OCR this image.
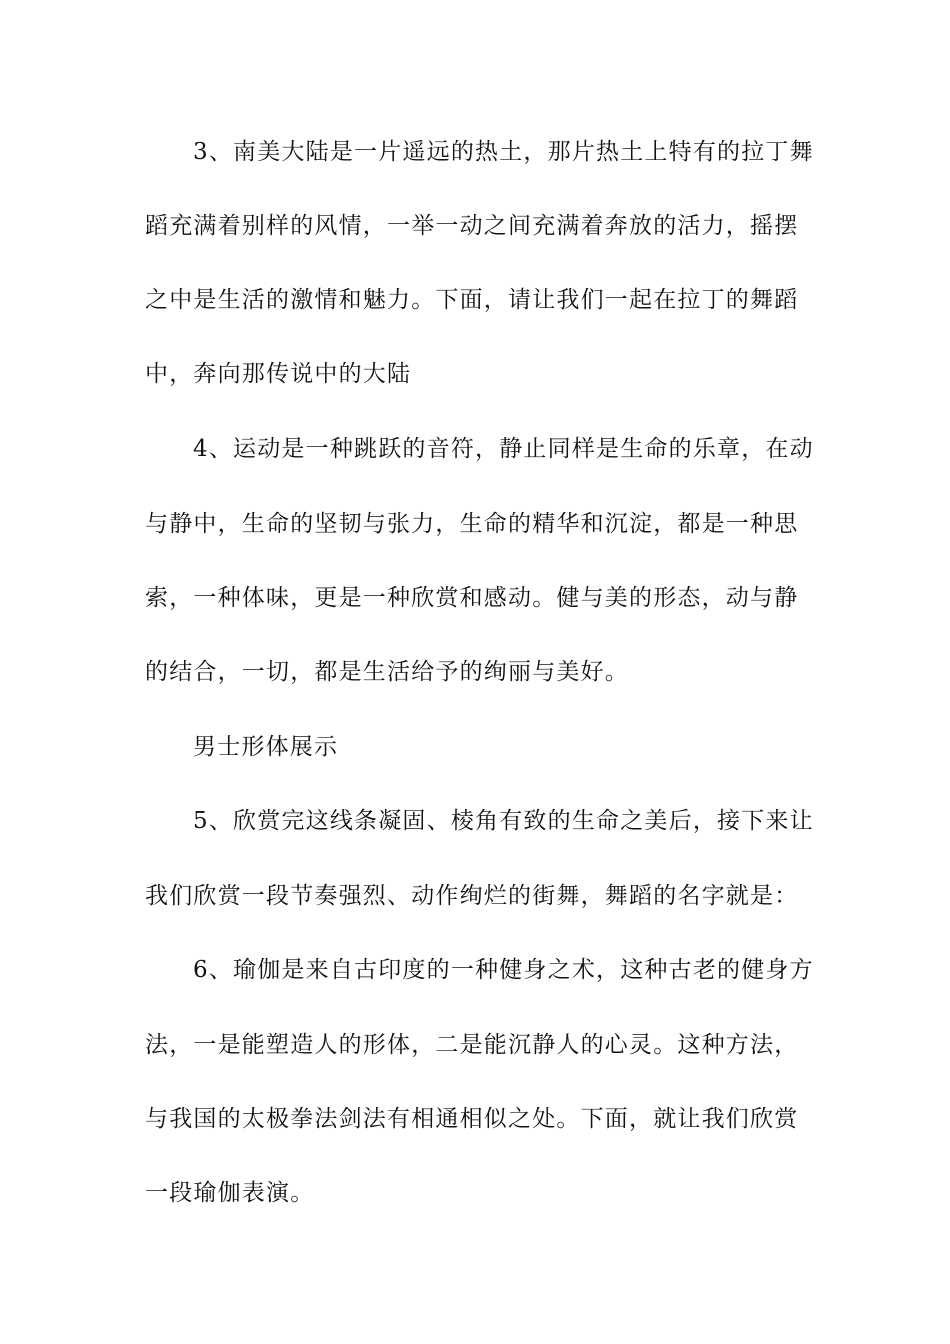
3、南美大陆是一片遥远的热土，那片热土上特有的拉丁舞
蹈充满着别样的风情，一举一动之间充满着奔放的活力，摇摆
之中是生活的激情和魅力。下面，请让我们一起在拉丁的舞蹈
中，奔向那传说中的大陆
4、运动是一种跳跃的音符，静止同样是生命的乐章，在动
与静中，生命的坚韧与张力，生命的精华和沉淀，都是一种思
索，一种体味，更是一种欣赏和感动。健与美的形态，动与静
的结合，一切，都是生活给予的绚丽与美好。
男士形体展示
5、欣赏完这线条凝固、棱角有致的生命之美后，接下来让
我们欣赏一段节奏强烈、动作绚烂的街舞，舞蹈的名字就是：
6、瑜伽是来自古印度的一种健身之术，这种古老的健身方
法，一是能塑造人的形体，二是能沉静人的心灵。这种方法，
与我国的太极拳法剑法有相通相似之处。下面，就让我们欣赏
一段瑜伽表演。
